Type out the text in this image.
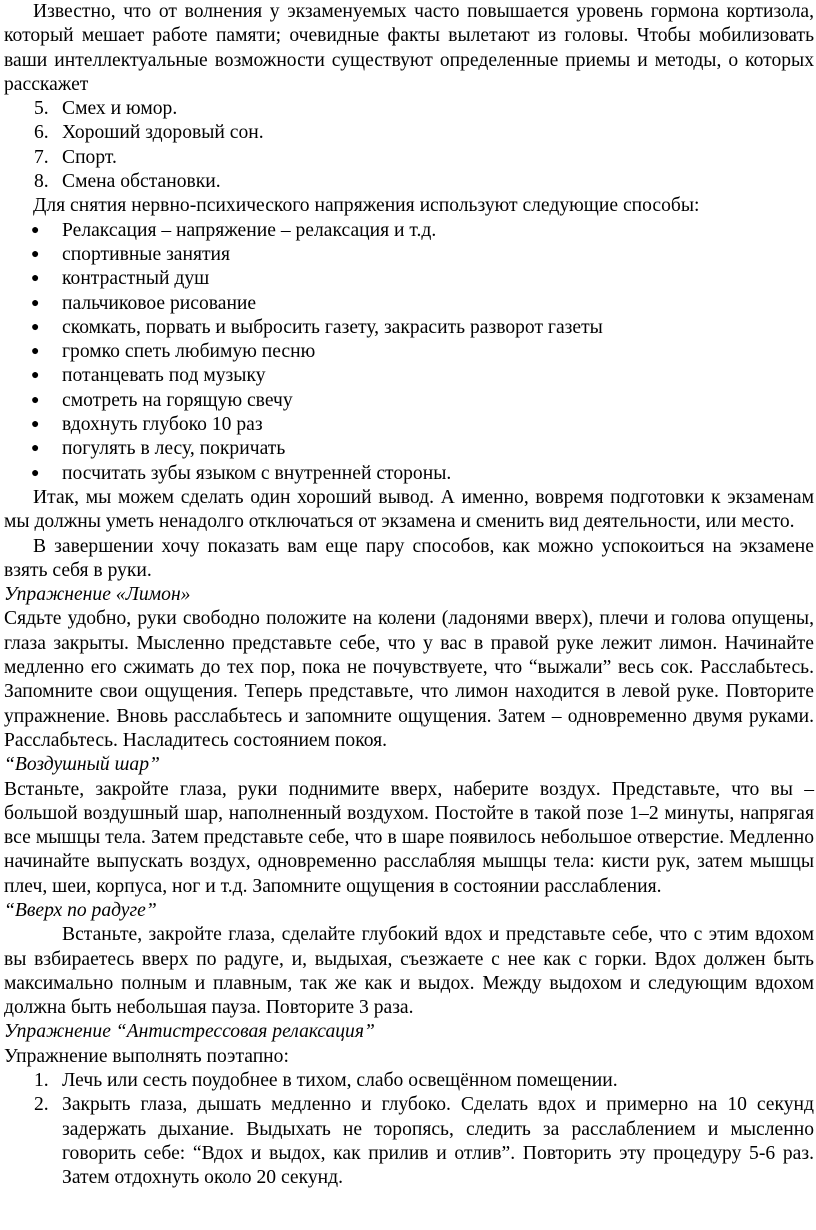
Известно, что от волнения у экзаменуемых часто повышается уровень гормона кортизола, который мешает работе памяти; очевидные факты вылетают из головы. Чтобы мобилизовать ваши интеллектуальные возможности существуют определенные приемы и методы, о которых расскажет

5. Смех и юмор.
6. Хороший здоровый сон.
7. Спорт.
8. Смена обстановки.

Для снятия нервно-психического напряжения используют следующие способы:

● Релаксация – напряжение – релаксация и т.д.
● спортивные занятия
● контрастный душ
● пальчиковое рисование
● скомкать, порвать и выбросить газету, закрасить разворот газеты
● громко спеть любимую песню
● потанцевать под музыку
● смотреть на горящую свечу
● вдохнуть глубоко 10 раз
● погулять в лесу, покричать
● посчитать зубы языком с внутренней стороны.

Итак, мы можем сделать один хороший вывод. А именно, вовремя подготовки к экзаменам мы должны уметь ненадолго отключаться от экзамена и сменить вид деятельности, или место.

В завершении хочу показать вам еще пару способов, как можно успокоиться на экзамене взять себя в руки.

Упражнение «Лимон»

Сядьте удобно, руки свободно положите на колени (ладонями вверх), плечи и голова опущены, глаза закрыты. Мысленно представьте себе, что у вас в правой руке лежит лимон. Начинайте медленно его сжимать до тех пор, пока не почувствуете, что “выжали” весь сок. Расслабьтесь. Запомните свои ощущения. Теперь представьте, что лимон находится в левой руке. Повторите упражнение. Вновь расслабьтесь и запомните ощущения. Затем – одновременно двумя руками. Расслабьтесь. Насладитесь состоянием покоя.

“Воздушный шар”

Встаньте, закройте глаза, руки поднимите вверх, наберите воздух. Представьте, что вы – большой воздушный шар, наполненный воздухом. Постойте в такой позе 1–2 минуты, напрягая все мышцы тела. Затем представьте себе, что в шаре появилось небольшое отверстие. Медленно начинайте выпускать воздух, одновременно расслабляя мышцы тела: кисти рук, затем мышцы плеч, шеи, корпуса, ног и т.д. Запомните ощущения в состоянии расслабления.

“Вверх по радуге”

Встаньте, закройте глаза, сделайте глубокий вдох и представьте себе, что с этим вдохом вы взбираетесь вверх по радуге, и, выдыхая, съезжаете с нее как с горки. Вдох должен быть максимально полным и плавным, так же как и выдох. Между выдохом и следующим вдохом должна быть небольшая пауза. Повторите 3 раза.

Упражнение “Антистрессовая релаксация”

Упражнение выполнять поэтапно:

1. Лечь или сесть поудобнее в тихом, слабо освещённом помещении.
2. Закрыть глаза, дышать медленно и глубоко. Сделать вдох и примерно на 10 секунд задержать дыхание. Выдыхать не торопясь, следить за расслаблением и мысленно говорить себе: “Вдох и выдох, как прилив и отлив”. Повторить эту процедуру 5-6 раз. Затем отдохнуть около 20 секунд.
